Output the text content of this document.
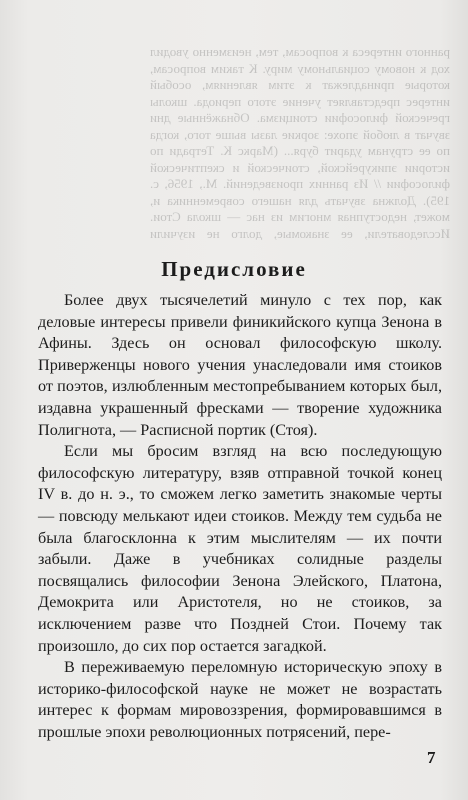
ранного интереса к вопросам, тем, неизменно уводил ход к новому социальному миру. К таким вопросам, которые принадлежат к этим явлениям, особый интерес представляет учение этого периода. школы греческой философии стоицизма. Обнажённые дни звучат в любой эпохе: зоркие лазы выше того, когда по ее струнам ударит буря... (Маркс К. Тетради по истории эпикурейской, стоической и скептической философии // Из ранних произведений. М., 1956, с. 195). Должна звучать для нашего современника и, может, недоступная многим из нас — школа Стои. Исследователи, ее знакомые, долго не изучили

Предисловие

Более двух тысячелетий минуло с тех пор, как деловые интересы привели финикийского купца Зенона в Афины. Здесь он основал философскую школу. Приверженцы нового учения унаследовали имя стоиков от поэтов, излюбленным местопребыванием которых был, издавна украшенный фресками — творение художника Полигнота, — Расписной портик (Стоя).

Если мы бросим взгляд на всю последующую философскую литературу, взяв отправной точкой конец IV в. до н. э., то сможем легко заметить знакомые черты — повсюду мелькают идеи стоиков. Между тем судьба не была благосклонна к этим мыслителям — их почти забыли. Даже в учебниках солидные разделы посвящались философии Зенона Элейского, Платона, Демокрита или Аристотеля, но не стоиков, за исключением разве что Поздней Стои. Почему так произошло, до сих пор остается загадкой.

В переживаемую переломную историческую эпоху в историко-философской науке не может не возрастать интерес к формам мировоззрения, формировавшимся в прошлые эпохи революционных потрясений, пере-

7
